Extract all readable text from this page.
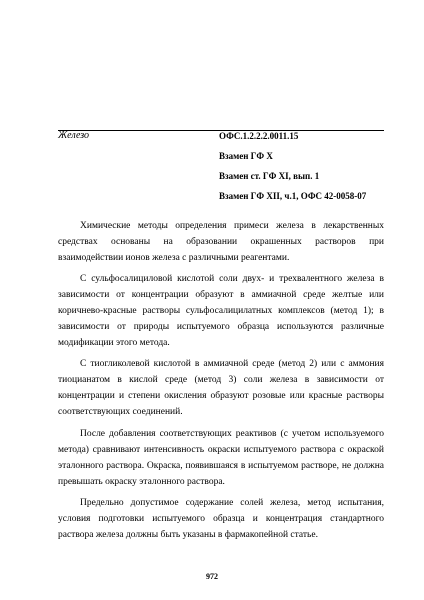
Железо	ОФС.1.2.2.2.0011.15
Взамен ГФ X
Взамен ст. ГФ XI, вып. 1
Взамен ГФ XII, ч.1, ОФС 42-0058-07

Химические методы определения примеси железа в лекарственных средствах основаны на образовании окрашенных растворов при взаимодействии ионов железа с различными реагентами.

С сульфосалициловой кислотой соли двух- и трехвалентного железа в зависимости от концентрации образуют в аммиачной среде желтые или коричнево-красные растворы сульфосалицилатных комплексов (метод 1); в зависимости от природы испытуемого образца используются различные модификации этого метода.

С тиогликолевой кислотой в аммиачной среде (метод 2) или с аммония тиоцианатом в кислой среде (метод 3) соли железа в зависимости от концентрации и степени окисления образуют розовые или красные растворы соответствующих соединений.

После добавления соответствующих реактивов (с учетом используемого метода) сравнивают интенсивность окраски испытуемого раствора с окраской эталонного раствора. Окраска, появившаяся в испытуемом растворе, не должна превышать окраску эталонного раствора.

Предельно допустимое содержание солей железа, метод испытания, условия подготовки испытуемого образца и концентрация стандартного раствора железа должны быть указаны в фармакопейной статье.

972
